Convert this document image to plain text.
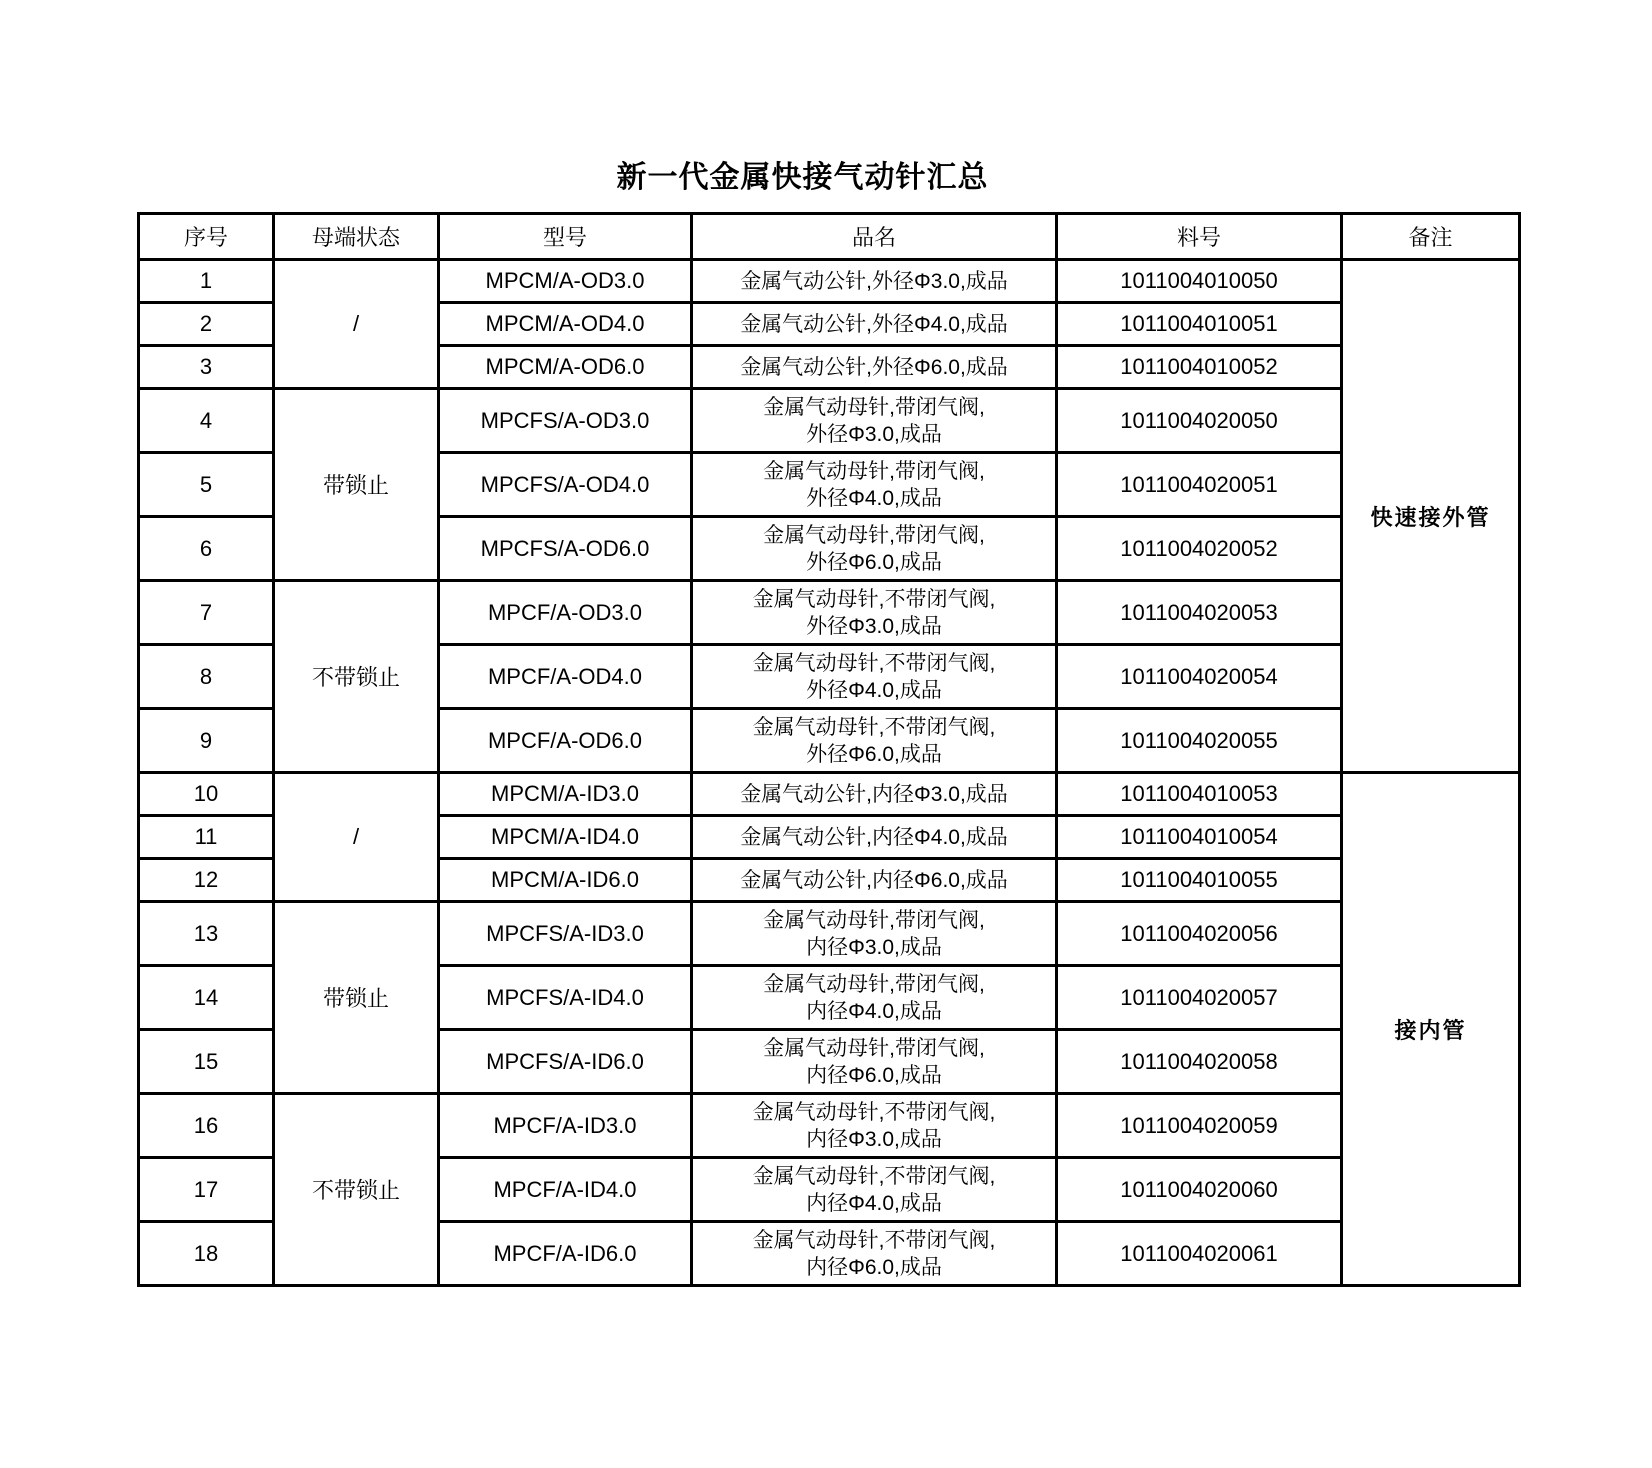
新一代金属快接气动针汇总
序号	母端状态	型号	品名	料号	备注
1	/	MPCM/A-OD3.0	金属气动公针,外径Φ3.0,成品	1011004010050	快速接外管
2		MPCM/A-OD4.0	金属气动公针,外径Φ4.0,成品	1011004010051	
3		MPCM/A-OD6.0	金属气动公针,外径Φ6.0,成品	1011004010052	
4	带锁止	MPCFS/A-OD3.0	金属气动母针,带闭气阀,
外径Φ3.0,成品	1011004020050	
5		MPCFS/A-OD4.0	金属气动母针,带闭气阀,
外径Φ4.0,成品	1011004020051	
6		MPCFS/A-OD6.0	金属气动母针,带闭气阀,
外径Φ6.0,成品	1011004020052	
7	不带锁止	MPCF/A-OD3.0	金属气动母针,不带闭气阀,
外径Φ3.0,成品	1011004020053	
8		MPCF/A-OD4.0	金属气动母针,不带闭气阀,
外径Φ4.0,成品	1011004020054	
9		MPCF/A-OD6.0	金属气动母针,不带闭气阀,
外径Φ6.0,成品	1011004020055	
10	/	MPCM/A-ID3.0	金属气动公针,内径Φ3.0,成品	1011004010053	接内管
11		MPCM/A-ID4.0	金属气动公针,内径Φ4.0,成品	1011004010054	
12		MPCM/A-ID6.0	金属气动公针,内径Φ6.0,成品	1011004010055	
13	带锁止	MPCFS/A-ID3.0	金属气动母针,带闭气阀,
内径Φ3.0,成品	1011004020056	
14		MPCFS/A-ID4.0	金属气动母针,带闭气阀,
内径Φ4.0,成品	1011004020057	
15		MPCFS/A-ID6.0	金属气动母针,带闭气阀,
内径Φ6.0,成品	1011004020058	
16	不带锁止	MPCF/A-ID3.0	金属气动母针,不带闭气阀,
内径Φ3.0,成品	1011004020059	
17		MPCF/A-ID4.0	金属气动母针,不带闭气阀,
内径Φ4.0,成品	1011004020060	
18		MPCF/A-ID6.0	金属气动母针,不带闭气阀,
内径Φ6.0,成品	1011004020061	
